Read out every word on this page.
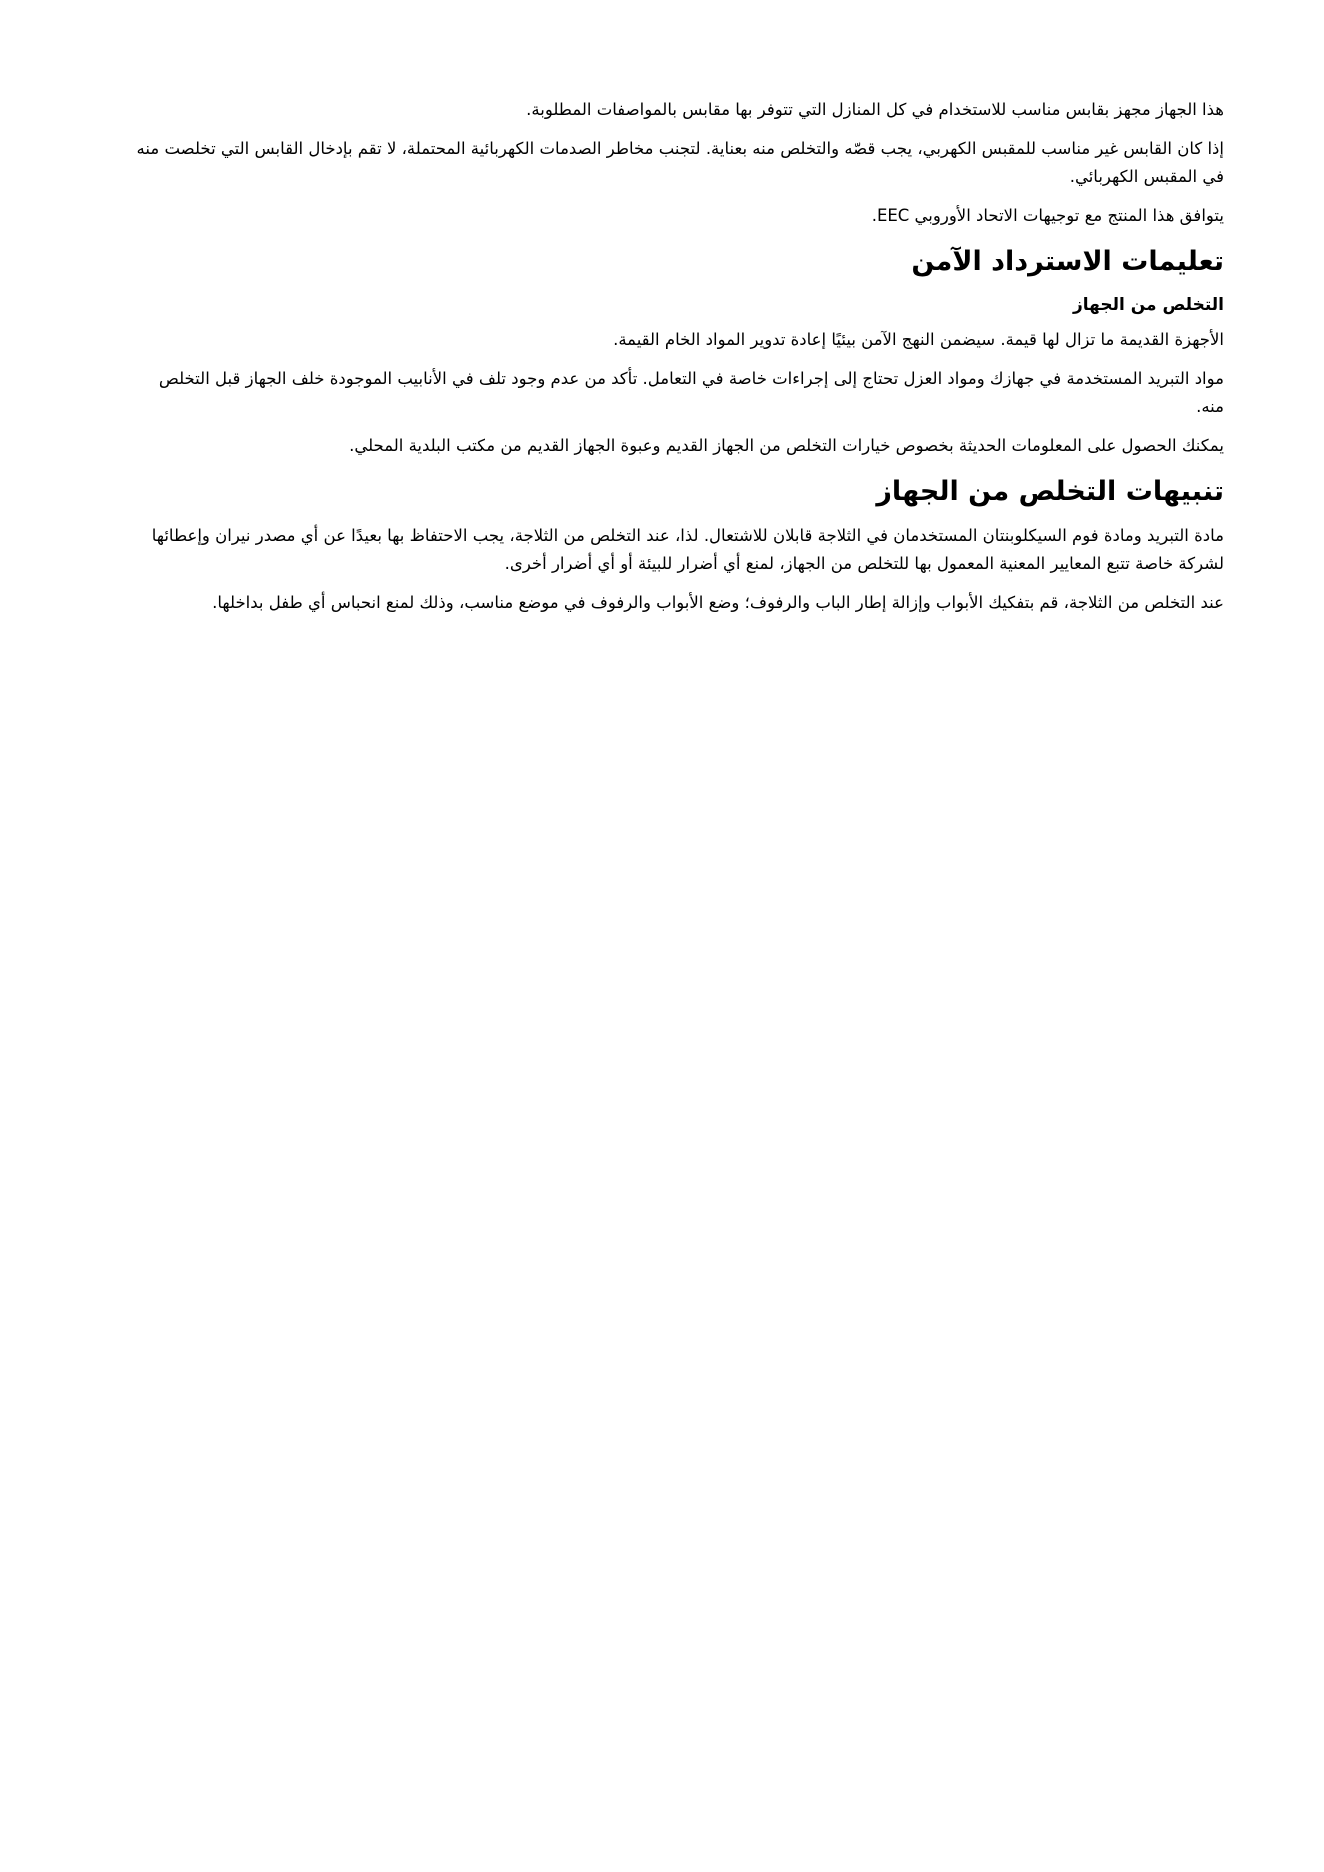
هذا الجهاز مجهز بقابس مناسب للاستخدام في كل المنازل التي تتوفر بها مقابس بالمواصفات المطلوبة.

إذا كان القابس غير مناسب للمقبس الكهربي، يجب قصّه والتخلص منه بعناية. لتجنب مخاطر الصدمات الكهربائية المحتملة، لا تقم بإدخال القابس التي تخلصت منه في المقبس الكهربائي.

يتوافق هذا المنتج مع توجيهات الاتحاد الأوروبي EEC.

تعليمات الاسترداد الآمن
التخلص من الجهاز

الأجهزة القديمة ما تزال لها قيمة. سيضمن النهج الآمن بيئيًا إعادة تدوير المواد الخام القيمة.

مواد التبريد المستخدمة في جهازك ومواد العزل تحتاج إلى إجراءات خاصة في التعامل. تأكد من عدم وجود تلف في الأنابيب الموجودة خلف الجهاز قبل التخلص منه.

يمكنك الحصول على المعلومات الحديثة بخصوص خيارات التخلص من الجهاز القديم وعبوة الجهاز القديم من مكتب البلدية المحلي.

تنبيهات التخلص من الجهاز

مادة التبريد ومادة فوم السيكلوبنتان المستخدمان في الثلاجة قابلان للاشتعال. لذا، عند التخلص من الثلاجة، يجب الاحتفاظ بها بعيدًا عن أي مصدر نيران وإعطائها لشركة خاصة تتبع المعايير المعنية المعمول بها للتخلص من الجهاز، لمنع أي أضرار للبيئة أو أي أضرار أخرى.

عند التخلص من الثلاجة، قم بتفكيك الأبواب وإزالة إطار الباب والرفوف؛ وضع الأبواب والرفوف في موضع مناسب، وذلك لمنع انحباس أي طفل بداخلها.
